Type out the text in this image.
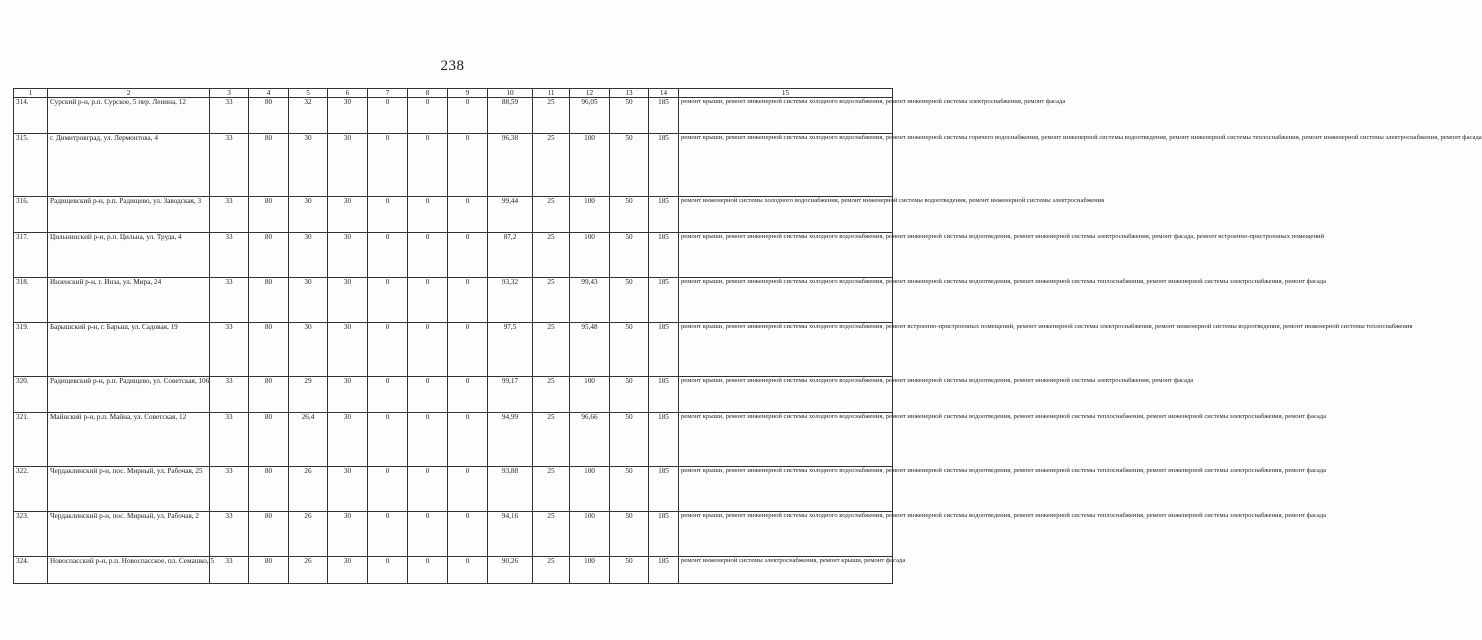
238
1	2	3	4	5	6	7	8	9	10	11	12	13	14	15
314.	Сурский р-н, р.п. Сурское, 5 пер. Ленина, 12	33	80	32	30	0	0	0	88,59	25	96,05	50	185	ремонт крыши, ремонт инженерной системы холодного водоснабжения, ремонт инженерной системы электроснабжения, ремонт фасада
315.	г. Димитровград, ул. Лермонтова, 4	33	80	30	30	0	0	0	96,38	25	100	50	185	ремонт крыши, ремонт инженерной системы холодного водоснабжения, ремонт инженерной системы горячего водоснабжения, ремонт инженерной системы водоотведения, ремонт инженерной системы теплоснабжения, ремонт инженерной системы электроснабжения, ремонт фасада
316.	Радищевский р-н, р.п. Радищево, ул. Заводская, 3	33	80	30	30	0	0	0	99,44	25	100	50	185	ремонт инженерной системы холодного водоснабжения, ремонт инженерной системы водоотведения, ремонт инженерной системы электроснабжения
317.	Цильнинский р-н, р.п. Цильна, ул. Труда, 4	33	80	30	30	0	0	0	87,2	25	100	50	185	ремонт крыши, ремонт инженерной системы холодного водоснабжения, ремонт инженерной системы водоотведения, ремонт инженерной системы электроснабжения, ремонт фасада, ремонт встроенно-пристроенных помещений
318.	Инзенский р-н, г. Инза, ул. Мира, 24	33	80	30	30	0	0	0	93,32	25	99,43	50	185	ремонт крыши, ремонт инженерной системы холодного водоснабжения, ремонт инженерной системы водоотведения, ремонт инженерной системы теплоснабжения, ремонт инженерной системы электроснабжения, ремонт фасада
319.	Барышский р-н, г. Барыш, ул. Садовая, 19	33	80	30	30	0	0	0	97,5	25	95,48	50	185	ремонт крыши, ремонт инженерной системы холодного водоснабжения, ремонт встроенно-пристроенных помещений, ремонт инженерной системы электроснабжения, ремонт инженерной системы водоотведения, ремонт инженерной системы теплоснабжения
320.	Радищевский р-н, р.п. Радищево, ул. Советская, 106	33	80	29	30	0	0	0	99,17	25	100	50	185	ремонт крыши, ремонт инженерной системы холодного водоснабжения, ремонт инженерной системы водоотведения, ремонт инженерной системы электроснабжения, ремонт фасада
321.	Майнский р-н, р.п. Майна, ул. Советская, 12	33	80	26,4	30	0	0	0	94,99	25	96,66	50	185	ремонт крыши, ремонт инженерной системы холодного водоснабжения, ремонт инженерной системы водоотведения, ремонт инженерной системы теплоснабжения, ремонт инженерной системы электроснабжения, ремонт фасада
322.	Чердаклинский р-н, пос. Мирный, ул. Рабочая, 25	33	80	26	30	0	0	0	93,88	25	100	50	185	ремонт крыши, ремонт инженерной системы холодного водоснабжения, ремонт инженерной системы водоотведения, ремонт инженерной системы теплоснабжения, ремонт инженерной системы электроснабжения, ремонт фасада
323.	Чердаклинский р-н, пос. Мирный, ул. Рабочая, 2	33	80	26	30	0	0	0	94,16	25	100	50	185	ремонт крыши, ремонт инженерной системы холодного водоснабжения, ремонт инженерной системы водоотведения, ремонт инженерной системы теплоснабжения, ремонт инженерной системы электроснабжения, ремонт фасада
324.	Новоспасский р-н, р.п. Новоспасское, пл. Семашко, 5	33	80	26	30	0	0	0	90,26	25	100	50	185	ремонт инженерной системы электроснабжения, ремонт крыши, ремонт фасада
